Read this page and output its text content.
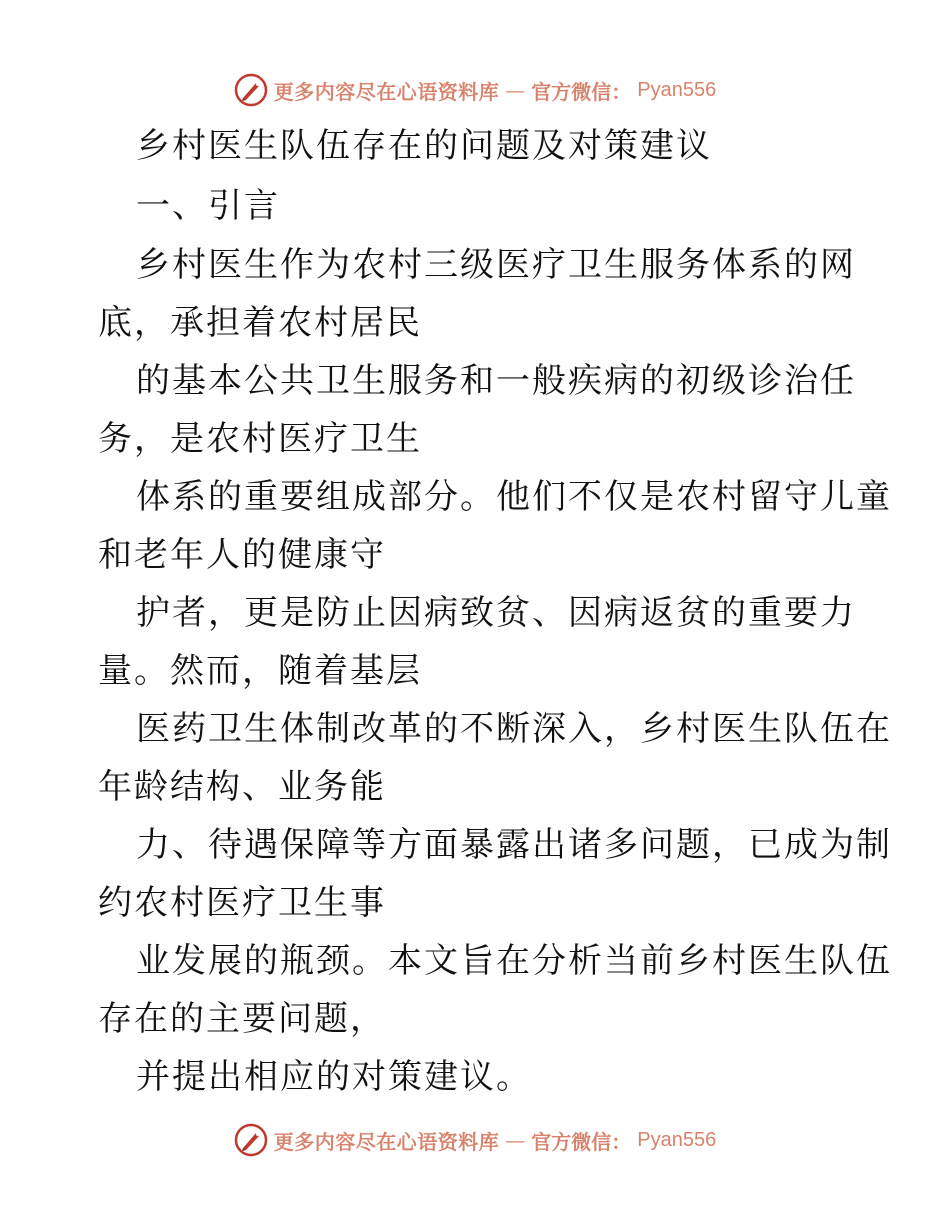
更多内容尽在心语资料库 — 官方微信： Pyan556
乡村医生队伍存在的问题及对策建议
一、引言
乡村医生作为农村三级医疗卫生服务体系的网
底，承担着农村居民
的基本公共卫生服务和一般疾病的初级诊治任
务，是农村医疗卫生
体系的重要组成部分。他们不仅是农村留守儿童
和老年人的健康守
护者，更是防止因病致贫、因病返贫的重要力
量。然而，随着基层
医药卫生体制改革的不断深入，乡村医生队伍在
年龄结构、业务能
力、待遇保障等方面暴露出诸多问题，已成为制
约农村医疗卫生事
业发展的瓶颈。本文旨在分析当前乡村医生队伍
存在的主要问题，
并提出相应的对策建议。
更多内容尽在心语资料库 — 官方微信： Pyan556
